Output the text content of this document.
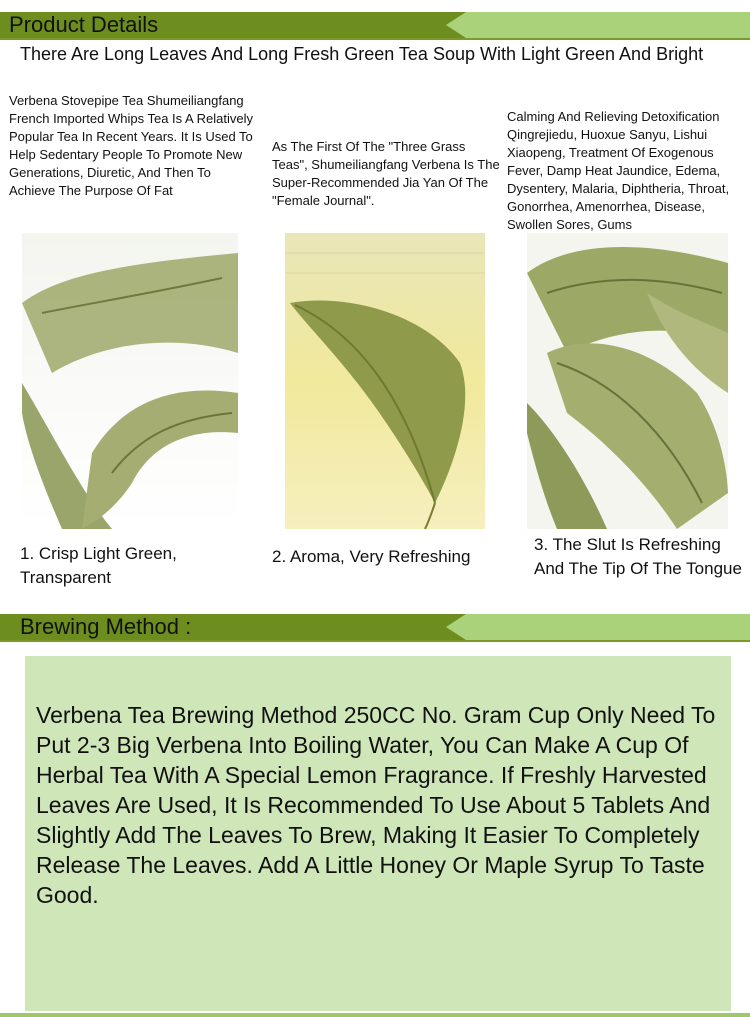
Product Details
There Are Long Leaves And Long Fresh Green Tea Soup With Light Green And Bright
Verbena Stovepipe Tea Shumeiliangfang French Imported Whips Tea Is A Relatively Popular Tea In Recent Years. It Is Used To Help Sedentary People To Promote New Generations, Diuretic, And Then To Achieve The Purpose Of Fat
1. Crisp Light Green, Transparent
As The First Of The "Three Grass Teas", Shumeiliangfang Verbena Is The Super-Recommended Jia Yan Of The "Female Journal".
2. Aroma, Very Refreshing
Calming And Relieving Detoxification Qingrejiedu, Huoxue Sanyu, Lishui Xiaopeng, Treatment Of Exogenous Fever, Damp Heat Jaundice, Edema, Dysentery, Malaria, Diphtheria, Throat, Gonorrhea, Amenorrhea, Disease, Swollen Sores, Gums
3. The Slut Is Refreshing And The Tip Of The Tongue
Brewing Method :
Verbena Tea Brewing Method 250CC No. Gram Cup Only Need To Put 2-3 Big Verbena Into Boiling Water, You Can Make A Cup Of Herbal Tea With A Special Lemon Fragrance. If Freshly Harvested Leaves Are Used, It Is Recommended To Use About 5 Tablets And Slightly Add The Leaves To Brew, Making It Easier To Completely Release The Leaves. Add A Little Honey Or Maple Syrup To Taste Good.
